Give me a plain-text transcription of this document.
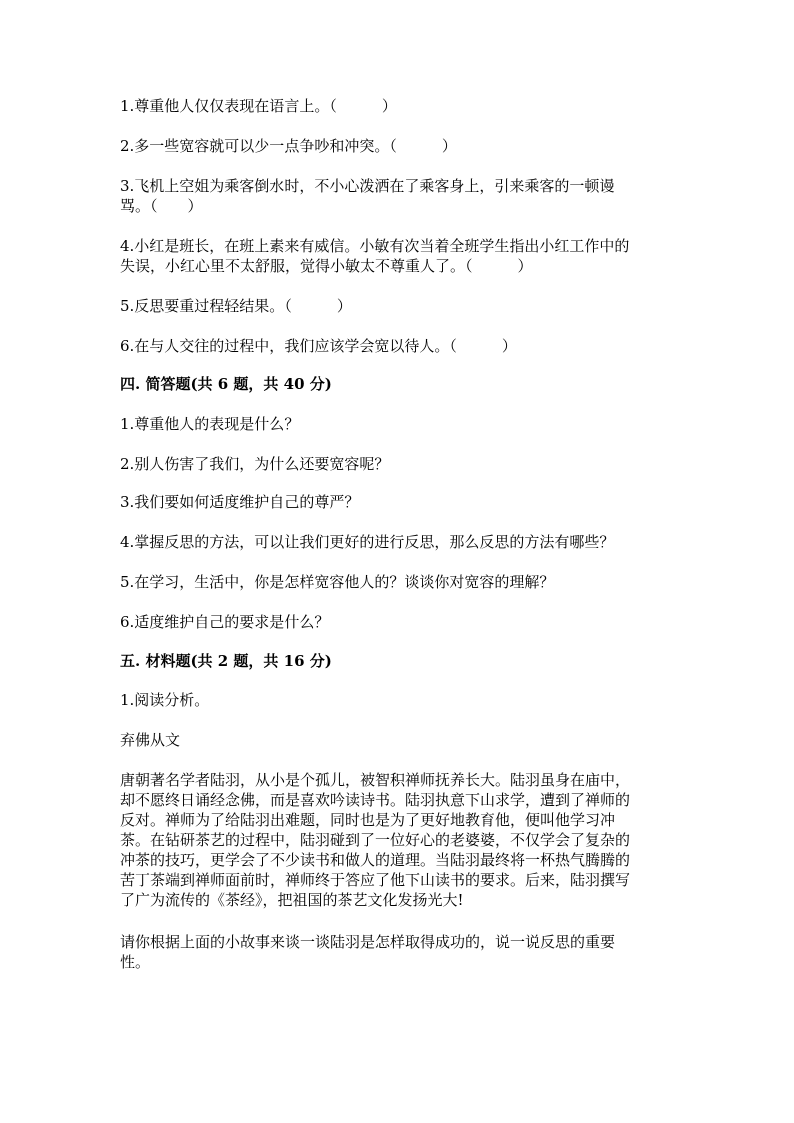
1.尊重他人仅仅表现在语言上。（　　　）
2.多一些宽容就可以少一点争吵和冲突。（　　　）
3.飞机上空姐为乘客倒水时，不小心泼洒在了乘客身上，引来乘客的一顿谩
骂。（　　）
4.小红是班长，在班上素来有威信。小敏有次当着全班学生指出小红工作中的
失误，小红心里不太舒服，觉得小敏太不尊重人了。（　　　）
5.反思要重过程轻结果。（　　　）
6.在与人交往的过程中，我们应该学会宽以待人。（　　　）
四. 简答题(共 6 题，共 40 分)
1.尊重他人的表现是什么？
2.别人伤害了我们，为什么还要宽容呢？
3.我们要如何适度维护自己的尊严？
4.掌握反思的方法，可以让我们更好的进行反思，那么反思的方法有哪些？
5.在学习，生活中，你是怎样宽容他人的？谈谈你对宽容的理解？
6.适度维护自己的要求是什么？
五. 材料题(共 2 题，共 16 分)
1.阅读分析。
弃佛从文
唐朝著名学者陆羽，从小是个孤儿，被智积禅师抚养长大。陆羽虽身在庙中，
却不愿终日诵经念佛，而是喜欢吟读诗书。陆羽执意下山求学，遭到了禅师的
反对。禅师为了给陆羽出难题，同时也是为了更好地教育他，便叫他学习冲
茶。在钻研茶艺的过程中，陆羽碰到了一位好心的老婆婆，不仅学会了复杂的
冲茶的技巧，更学会了不少读书和做人的道理。当陆羽最终将一杯热气腾腾的
苦丁茶端到禅师面前时，禅师终于答应了他下山读书的要求。后来，陆羽撰写
了广为流传的《茶经》，把祖国的茶艺文化发扬光大!
请你根据上面的小故事来谈一谈陆羽是怎样取得成功的，说一说反思的重要
性。
